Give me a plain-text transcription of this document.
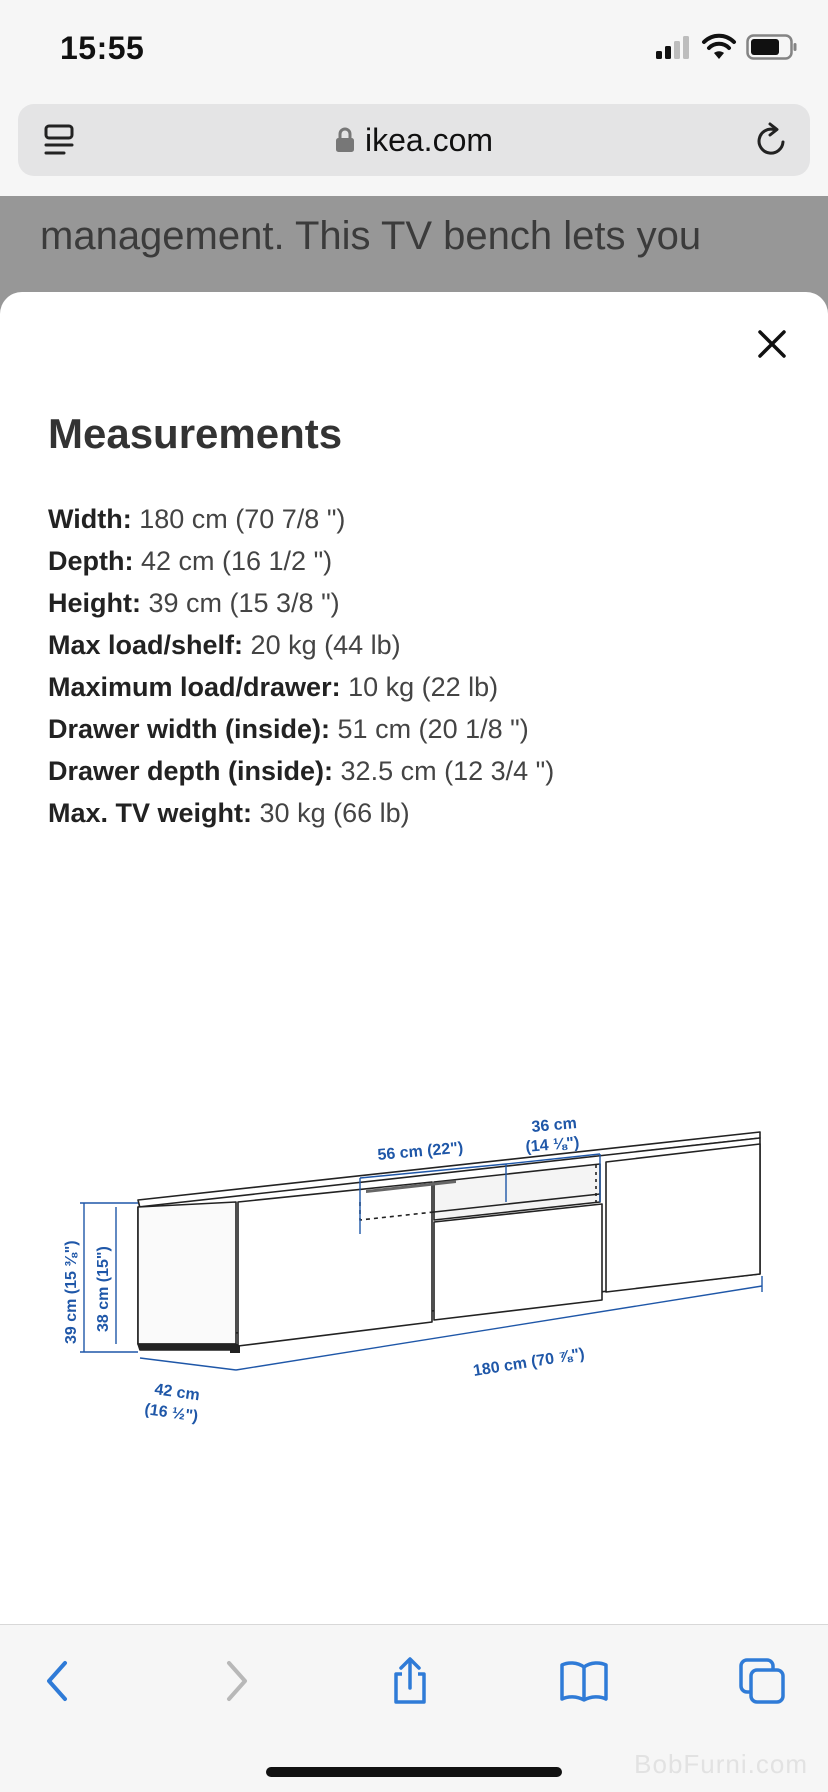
15:55
ikea.com
management. This TV bench lets you
Measurements
Width: 180 cm (70 7/8 ")
Depth: 42 cm (16 1/2 ")
Height: 39 cm (15 3/8 ")
Max load/shelf: 20 kg (44 lb)
Maximum load/drawer: 10 kg (22 lb)
Drawer width (inside): 51 cm (20 1/8 ")
Drawer depth (inside): 32.5 cm (12 3/4 ")
Max. TV weight: 30 kg (66 lb)
56 cm (22")
36 cm
(14 ⅛")
39 cm (15 ⅜") 38 cm (15")
42 cm
(16 ½")
180 cm (70 ⅞")
BobFurni.com
